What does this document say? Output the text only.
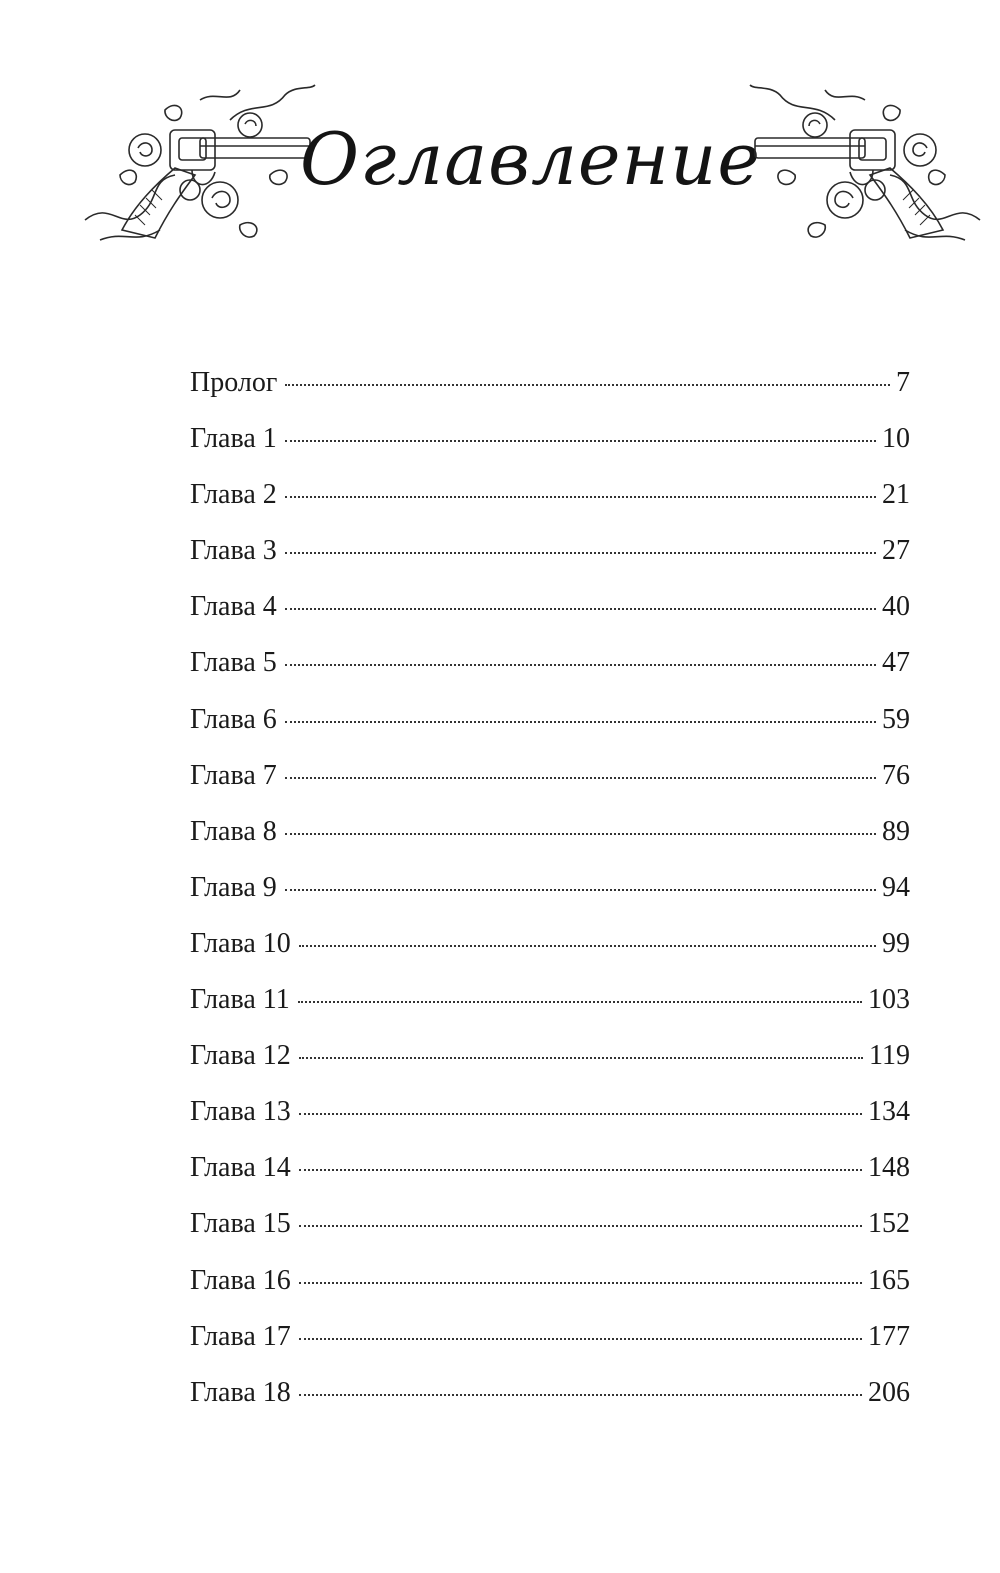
Оглавление
Пролог	7
Глава 1	10
Глава 2	21
Глава 3	27
Глава 4	40
Глава 5	47
Глава 6	59
Глава 7	76
Глава 8	89
Глава 9	94
Глава 10	99
Глава 11	103
Глава 12	119
Глава 13	134
Глава 14	148
Глава 15	152
Глава 16	165
Глава 17	177
Глава 18	206
